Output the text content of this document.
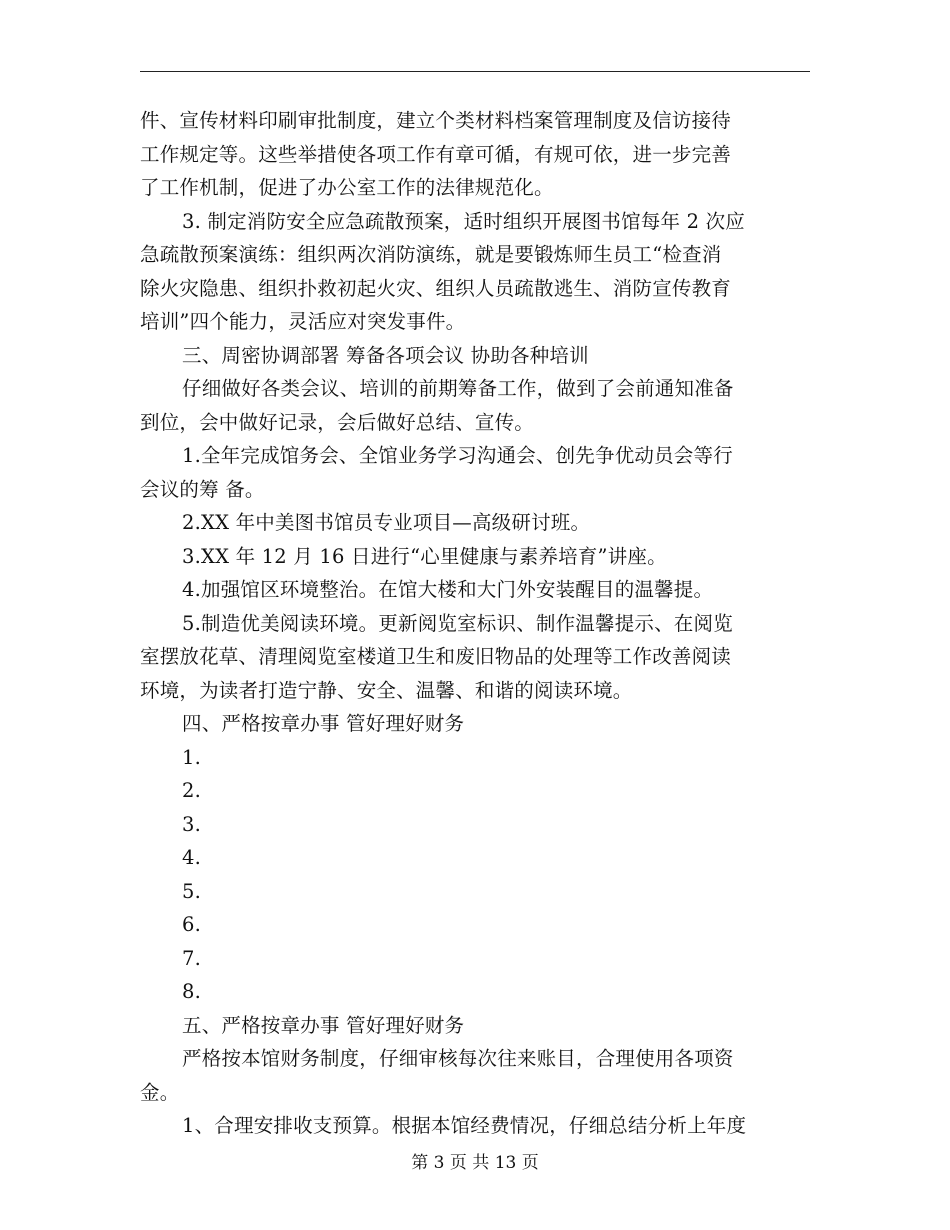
件、宣传材料印刷审批制度，建立个类材料档案管理制度及信访接待
工作规定等。这些举措使各项工作有章可循，有规可依，进一步完善
了工作机制，促进了办公室工作的法律规范化。
3. 制定消防安全应急疏散预案，适时组织开展图书馆每年 2 次应
急疏散预案演练：组织两次消防演练，就是要锻炼师生员工“检查消
除火灾隐患、组织扑救初起火灾、组织人员疏散逃生、消防宣传教育
培训”四个能力，灵活应对突发事件。
三、周密协调部署 筹备各项会议 协助各种培训
仔细做好各类会议、培训的前期筹备工作，做到了会前通知准备
到位，会中做好记录，会后做好总结、宣传。
1.全年完成馆务会、全馆业务学习沟通会、创先争优动员会等行
会议的筹 备。
2.XX 年中美图书馆员专业项目—高级研讨班。
3.XX 年 12 月 16 日进行“心里健康与素养培育”讲座。
4.加强馆区环境整治。在馆大楼和大门外安装醒目的温馨提。
5.制造优美阅读环境。更新阅览室标识、制作温馨提示、在阅览
室摆放花草、清理阅览室楼道卫生和废旧物品的处理等工作改善阅读
环境，为读者打造宁静、安全、温馨、和谐的阅读环境。
四、严格按章办事 管好理好财务
1.
2.
3.
4.
5.
6.
7.
8.
五、严格按章办事 管好理好财务
严格按本馆财务制度，仔细审核每次往来账目，合理使用各项资
金。
1、合理安排收支预算。根据本馆经费情况，仔细总结分析上年度
第 3 页 共 13 页
